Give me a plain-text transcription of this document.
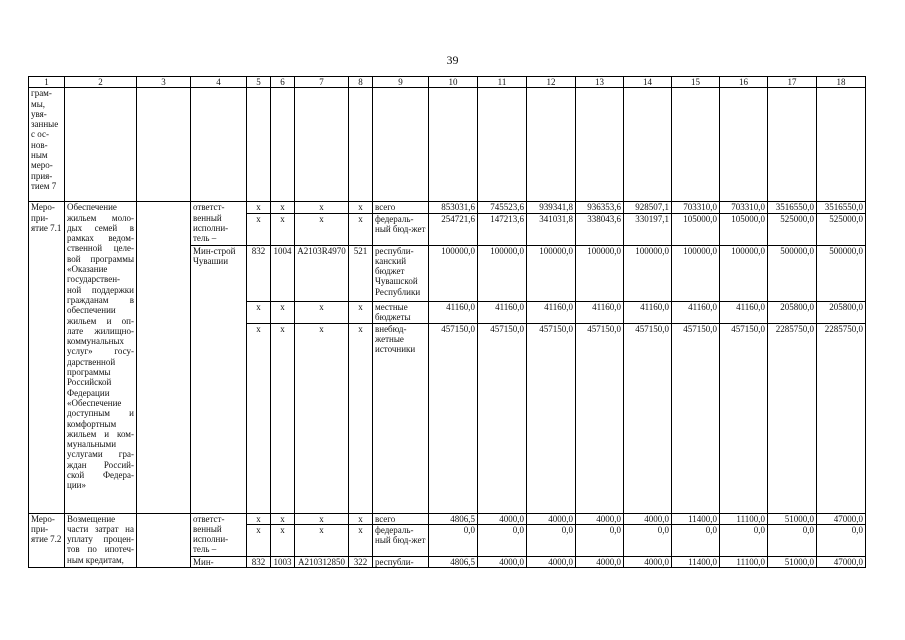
39
1	2	3	4	5	6	7	8	9	10	11	12	13	14	15	16	17	18
грам-мы, увя-занные с ос-нов-ным меро-прия-тием 7																	
Меро-при-ятие 7.1	Обеспечение жильем моло-дых семей в рамках ведом-ственной целе-вой программы «Оказание государствен-ной поддержки гражданам в обеспечении жильем и оп-лате жилищно-коммунальных услуг» госу-дарственной программы Российской Федерации «Обеспечение доступным и комфортным жильем и ком-мунальными услугами гра-ждан Россий-ской Федера-ции»		ответст-венный исполни-тель –	x	x	x	x	всего	853031,6	745523,6	939341,8	936353,6	928507,1	703310,0	703310,0	3516550,0	3516550,0
				x	x	x	x	федераль-ный бюд-жет	254721,6	147213,6	341031,8	338043,6	330197,1	105000,0	105000,0	525000,0	525000,0
			Мин-строй Чувашии	832	1004	А2103R4970	521	республи-канский бюджет Чувашской Республики	100000,0	100000,0	100000,0	100000,0	100000,0	100000,0	100000,0	500000,0	500000,0
				x	x	x	x	местные бюджеты	41160,0	41160,0	41160,0	41160,0	41160,0	41160,0	41160,0	205800,0	205800,0
				x	x	x	x	внебюд-жетные источники	457150,0	457150,0	457150,0	457150,0	457150,0	457150,0	457150,0	2285750,0	2285750,0
Меро-при-ятие 7.2	Возмещение части затрат на уплату процен-тов по ипотеч-ным кредитам,		ответст-венный исполни-тель –	x	x	x	x	всего	4806,5	4000,0	4000,0	4000,0	4000,0	11400,0	11100,0	51000,0	47000,0
				x	x	x	x	федераль-ный бюд-жет	0,0	0,0	0,0	0,0	0,0	0,0	0,0	0,0	0,0
			Мин-	832	1003	А210312850	322	республи-	4806,5	4000,0	4000,0	4000,0	4000,0	11400,0	11100,0	51000,0	47000,0
